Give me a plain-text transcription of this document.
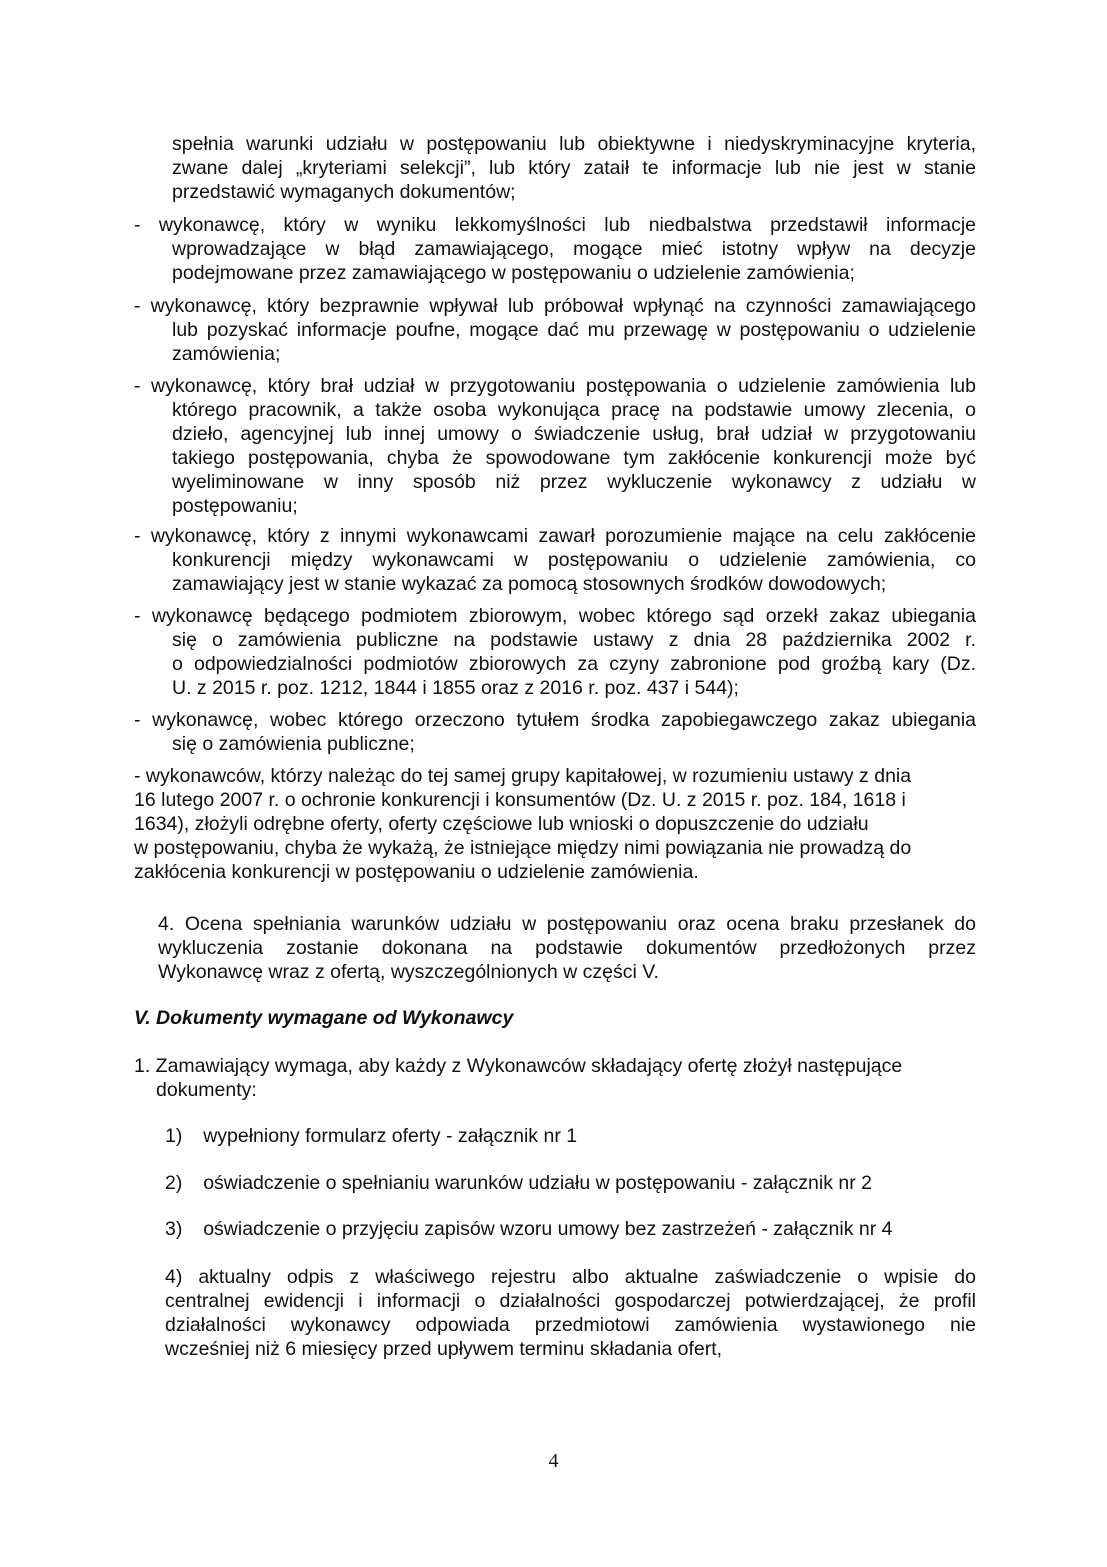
spełnia warunki udziału w postępowaniu lub obiektywne i niedyskryminacyjne kryteria,
zwane dalej „kryteriami selekcji”, lub który zataił te informacje lub nie jest w stanie
przedstawić wymaganych dokumentów;
- wykonawcę, który w wyniku lekkomyślności lub niedbalstwa przedstawił informacje
wprowadzające w błąd zamawiającego, mogące mieć istotny wpływ na decyzje
podejmowane przez zamawiającego w postępowaniu o udzielenie zamówienia;
- wykonawcę, który bezprawnie wpływał lub próbował wpłynąć na czynności zamawiającego
lub pozyskać informacje poufne, mogące dać mu przewagę w postępowaniu o udzielenie
zamówienia;
- wykonawcę, który brał udział w przygotowaniu postępowania o udzielenie zamówienia lub
którego pracownik, a także osoba wykonująca pracę na podstawie umowy zlecenia, o
dzieło, agencyjnej lub innej umowy o świadczenie usług, brał udział w przygotowaniu
takiego postępowania, chyba że spowodowane tym zakłócenie konkurencji może być
wyeliminowane w inny sposób niż przez wykluczenie wykonawcy z udziału w
postępowaniu;
- wykonawcę, który z innymi wykonawcami zawarł porozumienie mające na celu zakłócenie
konkurencji między wykonawcami w postępowaniu o udzielenie zamówienia, co
zamawiający jest w stanie wykazać za pomocą stosownych środków dowodowych;
- wykonawcę będącego podmiotem zbiorowym, wobec którego sąd orzekł zakaz ubiegania
się o zamówienia publiczne na podstawie ustawy z dnia 28 października 2002 r.
o odpowiedzialności podmiotów zbiorowych za czyny zabronione pod groźbą kary (Dz.
U. z 2015 r. poz. 1212, 1844 i 1855 oraz z 2016 r. poz. 437 i 544);
- wykonawcę, wobec którego orzeczono tytułem środka zapobiegawczego zakaz ubiegania
się o zamówienia publiczne;
- wykonawców, którzy należąc do tej samej grupy kapitałowej, w rozumieniu ustawy z dnia
16 lutego 2007 r. o ochronie konkurencji i konsumentów (Dz. U. z 2015 r. poz. 184, 1618 i
1634), złożyli odrębne oferty, oferty częściowe lub wnioski o dopuszczenie do udziału
w postępowaniu, chyba że wykażą, że istniejące między nimi powiązania nie prowadzą do
zakłócenia konkurencji w postępowaniu o udzielenie zamówienia.
4. Ocena spełniania warunków udziału w postępowaniu oraz ocena braku przesłanek do
wykluczenia zostanie dokonana na podstawie dokumentów przedłożonych przez
Wykonawcę wraz z ofertą, wyszczególnionych w części V.
V. Dokumenty wymagane od Wykonawcy
1. Zamawiający wymaga, aby każdy z Wykonawców składający ofertę złożył następujące
dokumenty:
1) wypełniony formularz oferty - załącznik nr 1
2) oświadczenie o spełnianiu warunków udziału w postępowaniu - załącznik nr 2
3) oświadczenie o przyjęciu zapisów wzoru umowy bez zastrzeżeń - załącznik nr 4
4) aktualny odpis z właściwego rejestru albo aktualne zaświadczenie o wpisie do
centralnej ewidencji i informacji o działalności gospodarczej potwierdzającej, że profil
działalności wykonawcy odpowiada przedmiotowi zamówienia wystawionego nie
wcześniej niż 6 miesięcy przed upływem terminu składania ofert,
4
